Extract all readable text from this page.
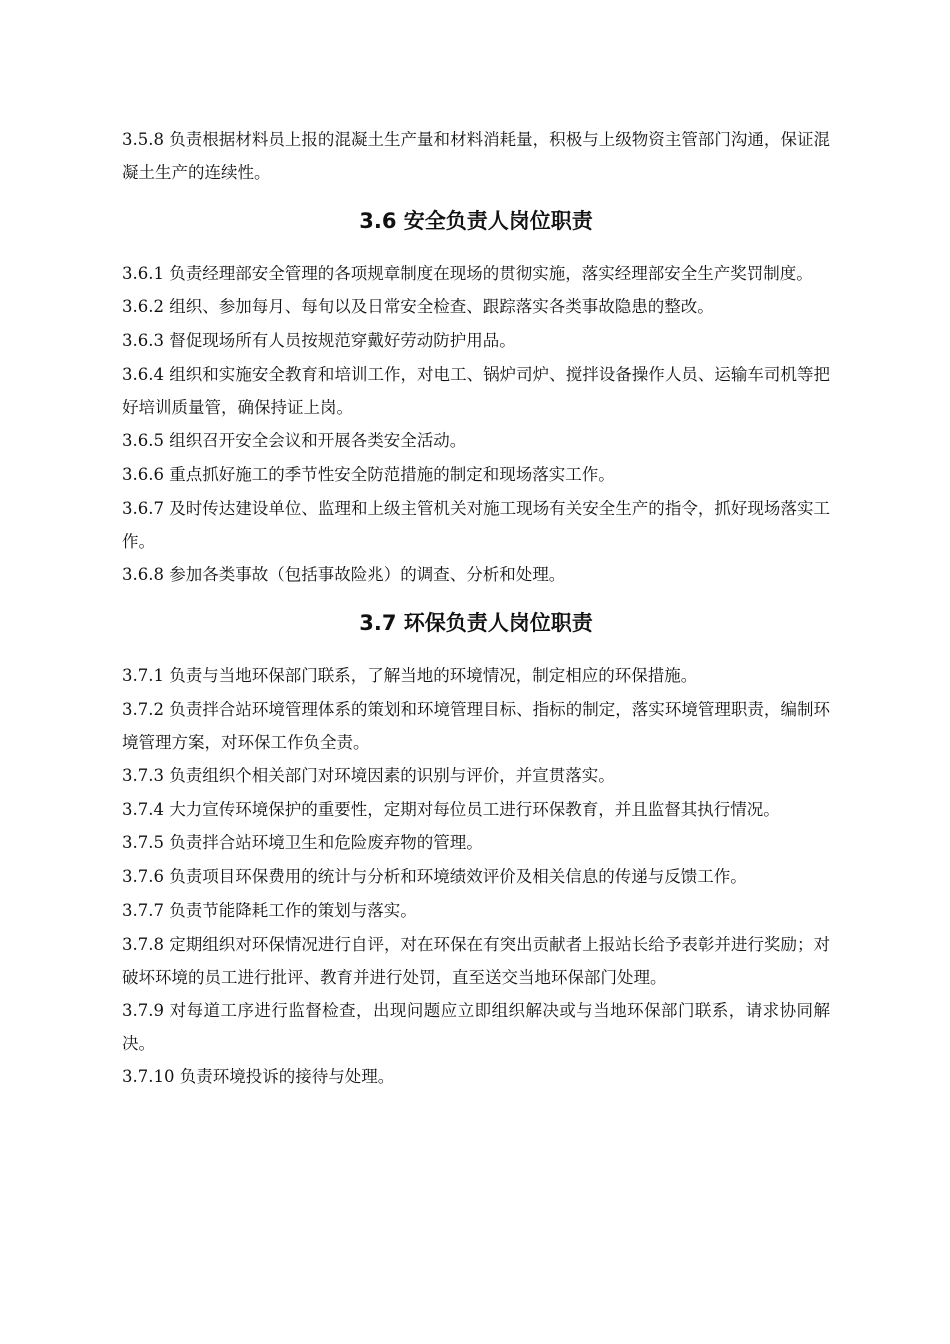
3.5.8 负责根据材料员上报的混凝土生产量和材料消耗量，积极与上级物资主管部门沟通，保证混凝土生产的连续性。

3.6 安全负责人岗位职责

3.6.1 负责经理部安全管理的各项规章制度在现场的贯彻实施，落实经理部安全生产奖罚制度。

3.6.2 组织、参加每月、每旬以及日常安全检查、跟踪落实各类事故隐患的整改。

3.6.3 督促现场所有人员按规范穿戴好劳动防护用品。

3.6.4 组织和实施安全教育和培训工作，对电工、锅炉司炉、搅拌设备操作人员、运输车司机等把好培训质量管，确保持证上岗。

3.6.5 组织召开安全会议和开展各类安全活动。

3.6.6 重点抓好施工的季节性安全防范措施的制定和现场落实工作。

3.6.7 及时传达建设单位、监理和上级主管机关对施工现场有关安全生产的指令，抓好现场落实工作。

3.6.8 参加各类事故（包括事故险兆）的调查、分析和处理。

3.7 环保负责人岗位职责

3.7.1 负责与当地环保部门联系，了解当地的环境情况，制定相应的环保措施。

3.7.2 负责拌合站环境管理体系的策划和环境管理目标、指标的制定，落实环境管理职责，编制环境管理方案，对环保工作负全责。

3.7.3 负责组织个相关部门对环境因素的识别与评价，并宣贯落实。

3.7.4 大力宣传环境保护的重要性，定期对每位员工进行环保教育，并且监督其执行情况。

3.7.5 负责拌合站环境卫生和危险废弃物的管理。

3.7.6 负责项目环保费用的统计与分析和环境绩效评价及相关信息的传递与反馈工作。

3.7.7 负责节能降耗工作的策划与落实。

3.7.8 定期组织对环保情况进行自评，对在环保在有突出贡献者上报站长给予表彰并进行奖励；对破坏环境的员工进行批评、教育并进行处罚，直至送交当地环保部门处理。

3.7.9 对每道工序进行监督检查，出现问题应立即组织解决或与当地环保部门联系，请求协同解决。

3.7.10 负责环境投诉的接待与处理。
